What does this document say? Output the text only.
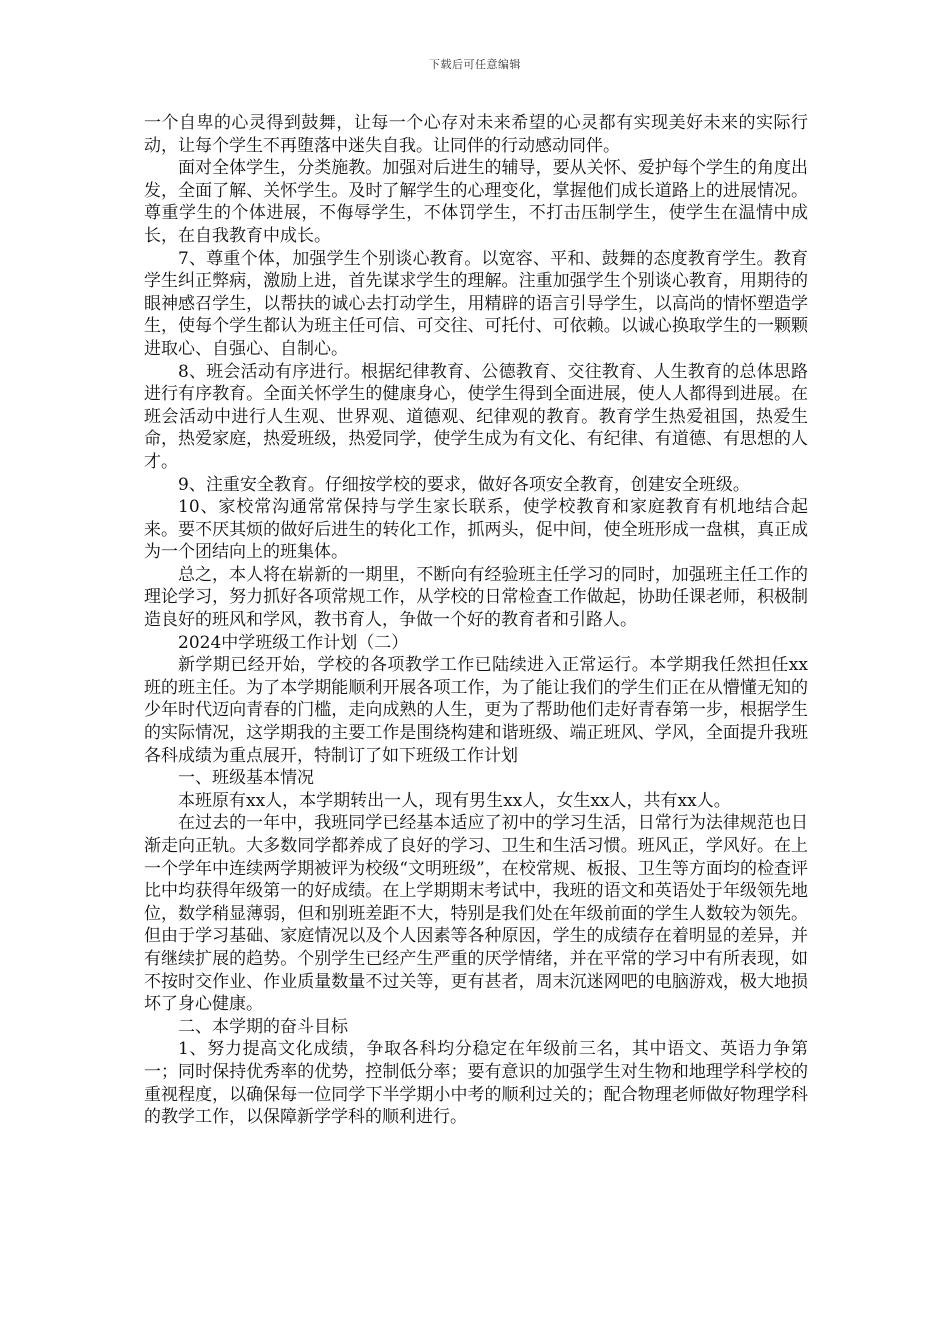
下载后可任意编辑

一个自卑的心灵得到鼓舞，让每一个心存对未来希望的心灵都有实现美好未来的实际行动，让每个学生不再堕落中迷失自我。让同伴的行动感动同伴。

面对全体学生，分类施教。加强对后进生的辅导，要从关怀、爱护每个学生的角度出发，全面了解、关怀学生。及时了解学生的心理变化，掌握他们成长道路上的进展情况。尊重学生的个体进展，不侮辱学生，不体罚学生，不打击压制学生，使学生在温情中成长，在自我教育中成长。

7、尊重个体，加强学生个别谈心教育。以宽容、平和、鼓舞的态度教育学生。教育学生纠正弊病，激励上进，首先谋求学生的理解。注重加强学生个别谈心教育，用期待的眼神感召学生，以帮扶的诚心去打动学生，用精辟的语言引导学生，以高尚的情怀塑造学生，使每个学生都认为班主任可信、可交往、可托付、可依赖。以诚心换取学生的一颗颗进取心、自强心、自制心。

8、班会活动有序进行。根据纪律教育、公德教育、交往教育、人生教育的总体思路进行有序教育。全面关怀学生的健康身心，使学生得到全面进展，使人人都得到进展。在班会活动中进行人生观、世界观、道德观、纪律观的教育。教育学生热爱祖国，热爱生命，热爱家庭，热爱班级，热爱同学，使学生成为有文化、有纪律、有道德、有思想的人才。

9、注重安全教育。仔细按学校的要求，做好各项安全教育，创建安全班级。

10、家校常沟通常常保持与学生家长联系，使学校教育和家庭教育有机地结合起来。要不厌其烦的做好后进生的转化工作，抓两头，促中间，使全班形成一盘棋，真正成为一个团结向上的班集体。

总之，本人将在崭新的一期里，不断向有经验班主任学习的同时，加强班主任工作的理论学习，努力抓好各项常规工作，从学校的日常检查工作做起，协助任课老师，积极制造良好的班风和学风，教书育人，争做一个好的教育者和引路人。

2024中学班级工作计划（二）

新学期已经开始，学校的各项教学工作已陆续进入正常运行。本学期我任然担任xx班的班主任。为了本学期能顺利开展各项工作，为了能让我们的学生们正在从懵懂无知的少年时代迈向青春的门槛，走向成熟的人生，更为了帮助他们走好青春第一步，根据学生的实际情况，这学期我的主要工作是围绕构建和谐班级、端正班风、学风，全面提升我班各科成绩为重点展开，特制订了如下班级工作计划

一、班级基本情况

本班原有xx人，本学期转出一人，现有男生xx人，女生xx人，共有xx人。

在过去的一年中，我班同学已经基本适应了初中的学习生活，日常行为法律规范也日渐走向正轨。大多数同学都养成了良好的学习、卫生和生活习惯。班风正，学风好。在上一个学年中连续两学期被评为校级“文明班级”，在校常规、板报、卫生等方面均的检查评比中均获得年级第一的好成绩。在上学期期末考试中，我班的语文和英语处于年级领先地位，数学稍显薄弱，但和别班差距不大，特别是我们处在年级前面的学生人数较为领先。但由于学习基础、家庭情况以及个人因素等各种原因，学生的成绩存在着明显的差异，并有继续扩展的趋势。个别学生已经产生严重的厌学情绪，并在平常的学习中有所表现，如不按时交作业、作业质量数量不过关等，更有甚者，周末沉迷网吧的电脑游戏，极大地损坏了身心健康。

二、本学期的奋斗目标

1、努力提高文化成绩，争取各科均分稳定在年级前三名，其中语文、英语力争第一；同时保持优秀率的优势，控制低分率；要有意识的加强学生对生物和地理学科学校的重视程度，以确保每一位同学下半学期小中考的顺利过关的；配合物理老师做好物理学科的教学工作，以保障新学学科的顺利进行。
